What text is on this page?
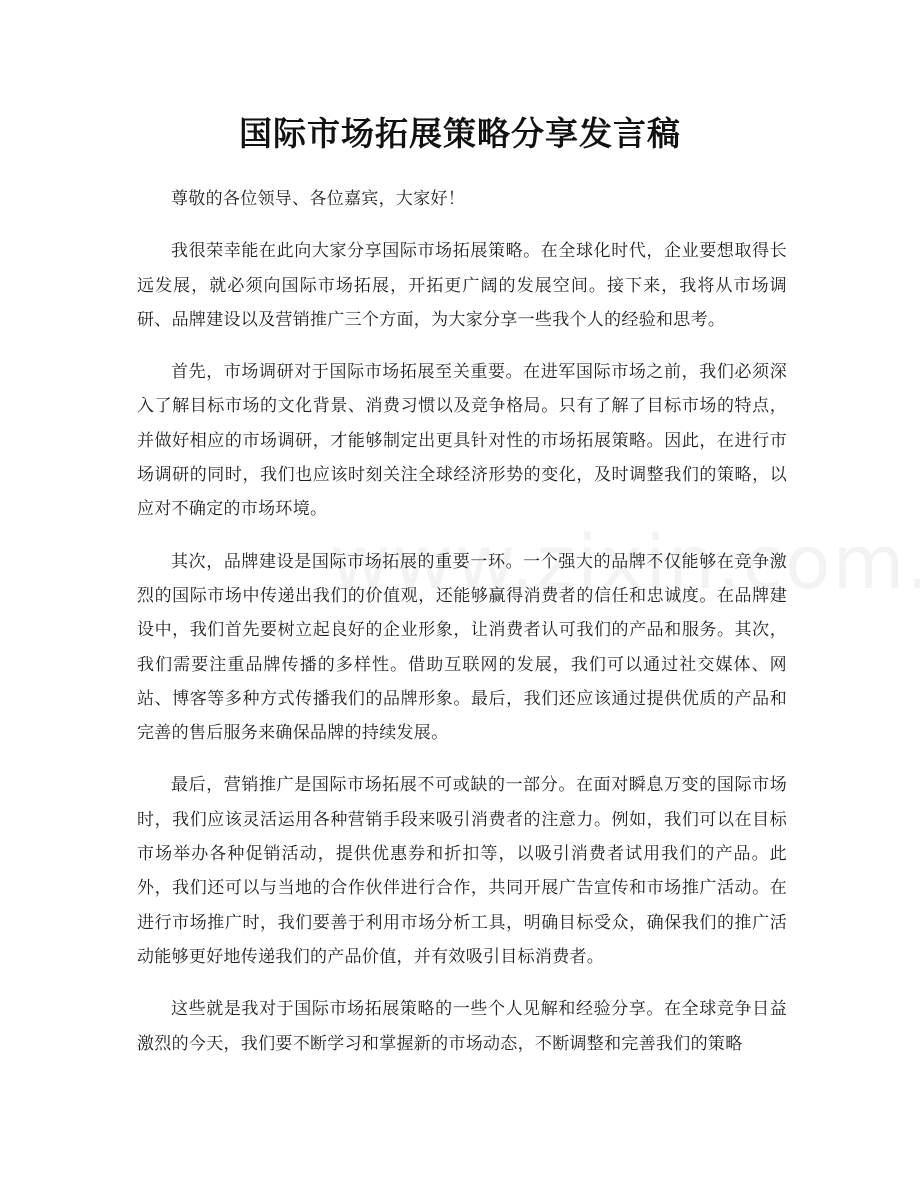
国际市场拓展策略分享发言稿

尊敬的各位领导、各位嘉宾，大家好！

我很荣幸能在此向大家分享国际市场拓展策略。在全球化时代，企业要想取得长远发展，就必须向国际市场拓展，开拓更广阔的发展空间。接下来，我将从市场调研、品牌建设以及营销推广三个方面，为大家分享一些我个人的经验和思考。

首先，市场调研对于国际市场拓展至关重要。在进军国际市场之前，我们必须深入了解目标市场的文化背景、消费习惯以及竞争格局。只有了解了目标市场的特点，并做好相应的市场调研，才能够制定出更具针对性的市场拓展策略。因此，在进行市场调研的同时，我们也应该时刻关注全球经济形势的变化，及时调整我们的策略，以应对不确定的市场环境。

其次，品牌建设是国际市场拓展的重要一环。一个强大的品牌不仅能够在竞争激烈的国际市场中传递出我们的价值观，还能够赢得消费者的信任和忠诚度。在品牌建设中，我们首先要树立起良好的企业形象，让消费者认可我们的产品和服务。其次，我们需要注重品牌传播的多样性。借助互联网的发展，我们可以通过社交媒体、网站、博客等多种方式传播我们的品牌形象。最后，我们还应该通过提供优质的产品和完善的售后服务来确保品牌的持续发展。

最后，营销推广是国际市场拓展不可或缺的一部分。在面对瞬息万变的国际市场时，我们应该灵活运用各种营销手段来吸引消费者的注意力。例如，我们可以在目标市场举办各种促销活动，提供优惠券和折扣等，以吸引消费者试用我们的产品。此外，我们还可以与当地的合作伙伴进行合作，共同开展广告宣传和市场推广活动。在进行市场推广时，我们要善于利用市场分析工具，明确目标受众，确保我们的推广活动能够更好地传递我们的产品价值，并有效吸引目标消费者。

这些就是我对于国际市场拓展策略的一些个人见解和经验分享。在全球竞争日益激烈的今天，我们要不断学习和掌握新的市场动态，不断调整和完善我们的策略
